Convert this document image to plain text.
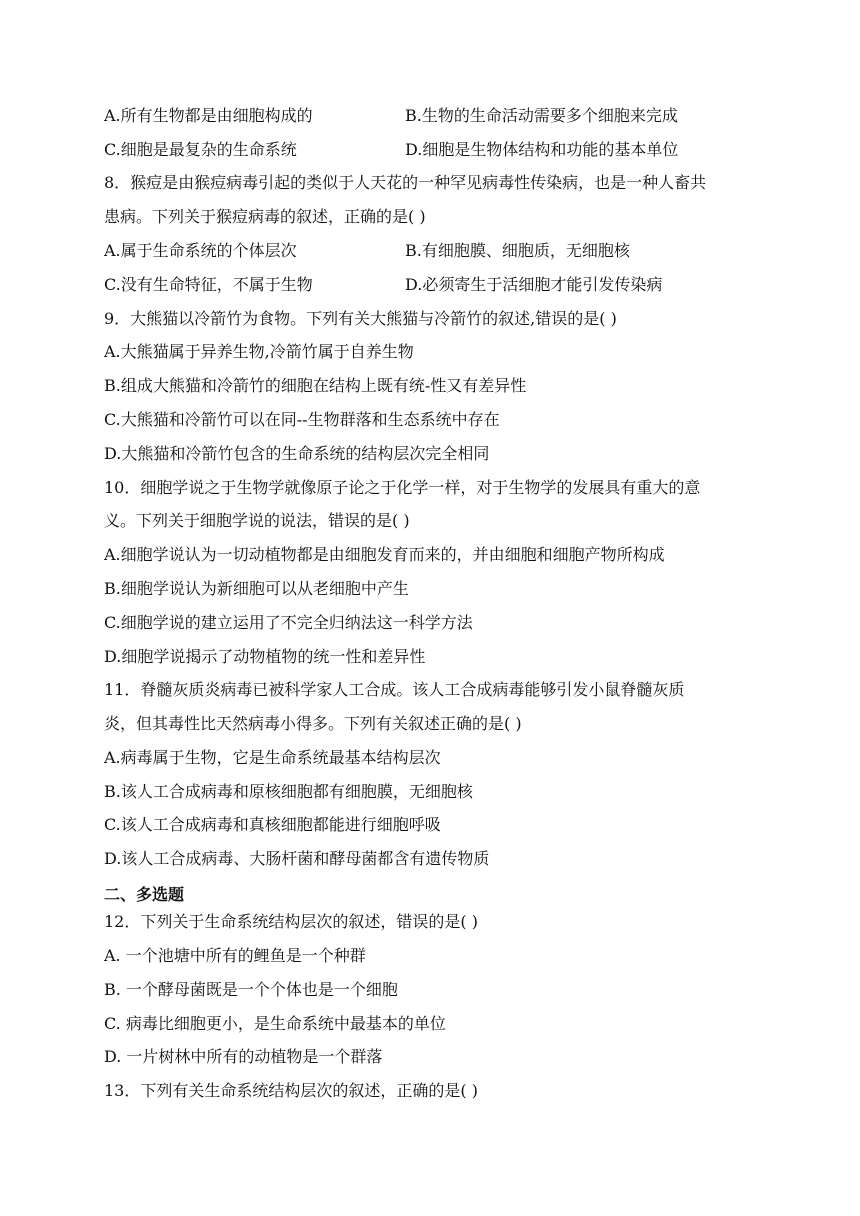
A.所有生物都是由细胞构成的	B.生物的生命活动需要多个细胞来完成
C.细胞是最复杂的生命系统	D.细胞是生物体结构和功能的基本单位
8．猴痘是由猴痘病毒引起的类似于人天花的一种罕见病毒性传染病，也是一种人畜共
患病。下列关于猴痘病毒的叙述，正确的是( )
A.属于生命系统的个体层次	B.有细胞膜、细胞质，无细胞核
C.没有生命特征，不属于生物	D.必须寄生于活细胞才能引发传染病
9．大熊猫以冷箭竹为食物。下列有关大熊猫与冷箭竹的叙述,错误的是( )
A.大熊猫属于异养生物,冷箭竹属于自养生物
B.组成大熊猫和冷箭竹的细胞在结构上既有统-性又有差异性
C.大熊猫和冷箭竹可以在同--生物群落和生态系统中存在
D.大熊猫和冷箭竹包含的生命系统的结构层次完全相同
10．细胞学说之于生物学就像原子论之于化学一样，对于生物学的发展具有重大的意
义。下列关于细胞学说的说法，错误的是( )
A.细胞学说认为一切动植物都是由细胞发育而来的，并由细胞和细胞产物所构成
B.细胞学说认为新细胞可以从老细胞中产生
C.细胞学说的建立运用了不完全归纳法这一科学方法
D.细胞学说揭示了动物植物的统一性和差异性
11．脊髓灰质炎病毒已被科学家人工合成。该人工合成病毒能够引发小鼠脊髓灰质
炎，但其毒性比天然病毒小得多。下列有关叙述正确的是( )
A.病毒属于生物，它是生命系统最基本结构层次
B.该人工合成病毒和原核细胞都有细胞膜，无细胞核
C.该人工合成病毒和真核细胞都能进行细胞呼吸
D.该人工合成病毒、大肠杆菌和酵母菌都含有遗传物质
二、多选题
12．下列关于生命系统结构层次的叙述，错误的是( )
A. 一个池塘中所有的鲤鱼是一个种群
B. 一个酵母菌既是一个个体也是一个细胞
C. 病毒比细胞更小，是生命系统中最基本的单位
D. 一片树林中所有的动植物是一个群落
13．下列有关生命系统结构层次的叙述，正确的是( )
